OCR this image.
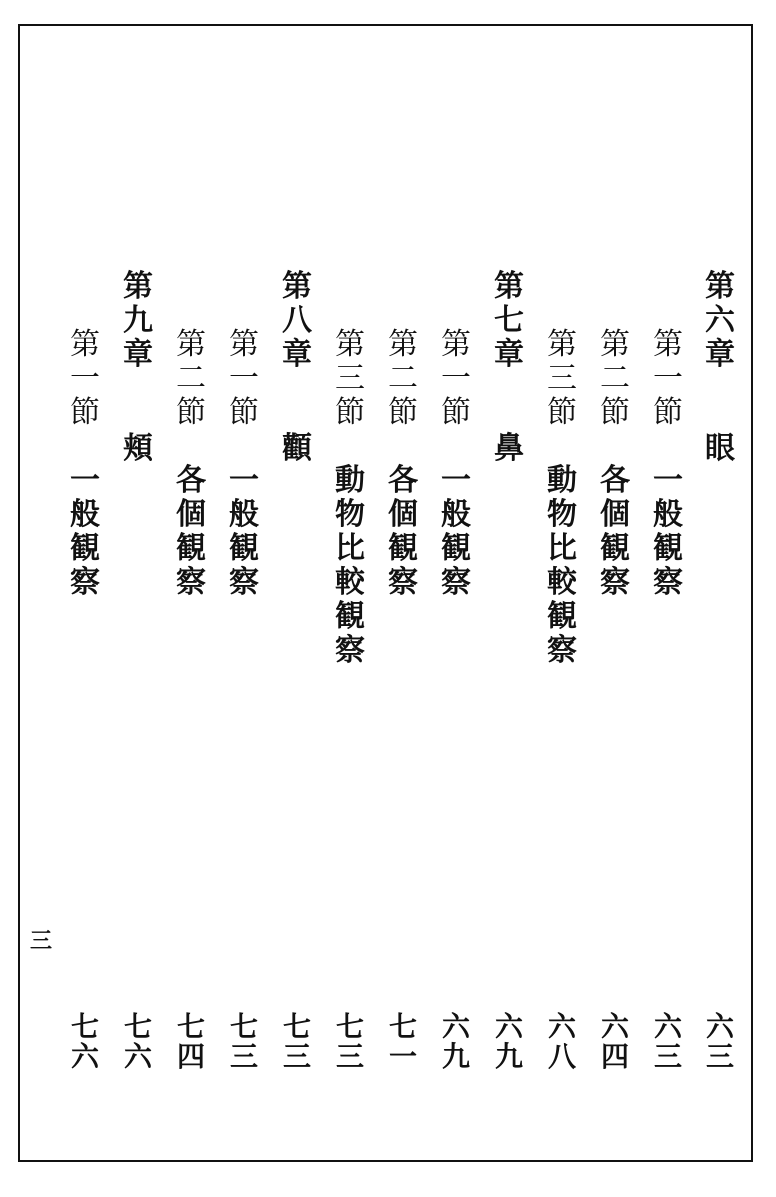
第
六
章
眼
六
三
第
一
節
一
般
観
察
六
三
第
二
節
各
個
観
察
六
四
第
三
節
動
物
比
較
観
察
六
八
第
七
章
鼻
六
九
第
一
節
一
般
観
察
六
九
第
二
節
各
個
観
察
七
一
第
三
節
動
物
比
較
観
察
七
三
第
八
章
顴
七
三
第
一
節
一
般
観
察
七
三
第
二
節
各
個
観
察
七
四
第
九
章
頬
七
六
第
一
節
一
般
観
察
七
六
三
